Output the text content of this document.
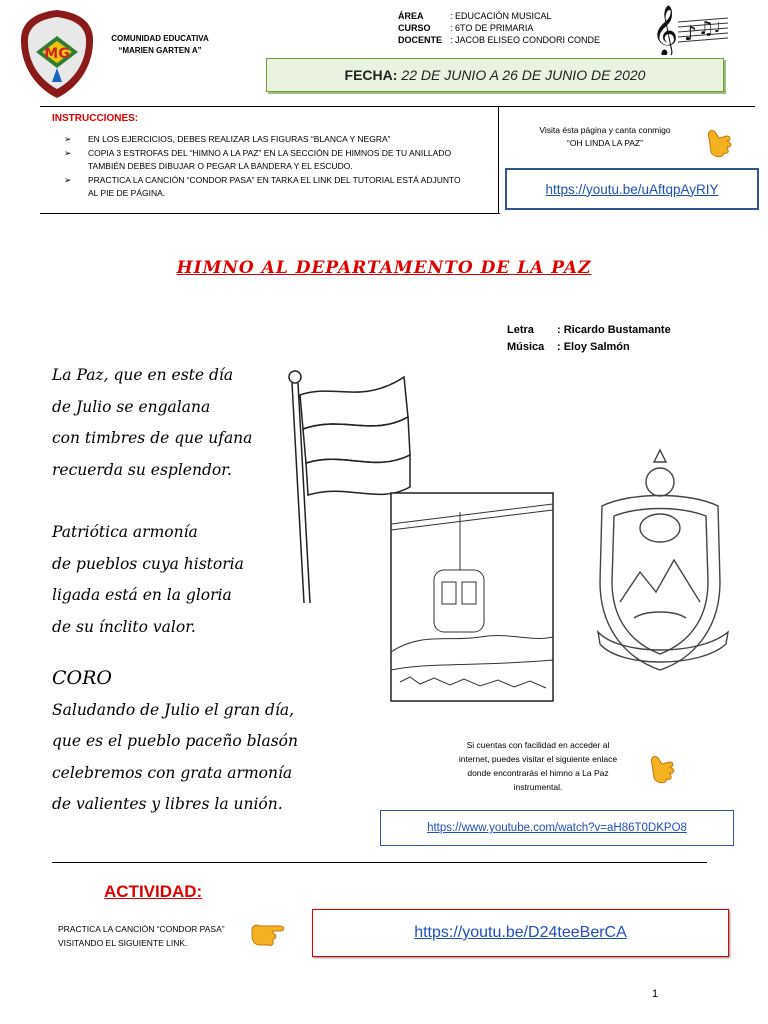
MG
COMUNIDAD EDUCATIVA
“MARIEN GARTEN A”
ÁREA	: EDUCACIÓN MUSICAL
CURSO	: 6TO DE PRIMARIA
DOCENTE : JACOB ELISEO CONDORI CONDE 𝄞 ♪ ♫ ♩
FECHA: 22 DE JUNIO A 26 DE JUNIO DE 2020
INSTRUCCIONES:
➢ EN LOS EJERCICIOS, DEBES REALIZAR LAS FIGURAS “BLANCA Y NEGRA”
➢ COPIA 3 ESTROFAS DEL “HIMNO A LA PAZ” EN LA SECCIÓN DE HIMNOS DE TU ANILLADO TAMBIÉN DEBES DIBUJAR O PEGAR LA BANDERA Y EL ESCUDO.
➢ PRACTICA LA CANCIÓN “CONDOR PASA” EN TARKA EL LINK DEL TUTORIAL ESTÁ ADJUNTO AL PIE DE PÁGINA.
Visita ésta página y canta conmigo
“OH LINDA LA PAZ”
https://youtu.be/uAftqpAyRIY
HIMNO AL DEPARTAMENTO DE LA PAZ
Letra : Ricardo Bustamante
Música : Eloy Salmón
La Paz, que en este día
de Julio se engalana
con timbres de que ufana
recuerda su esplendor.
Patriótica armonía
de pueblos cuya historia
ligada está en la gloria
de su ínclito valor.
CORO
Saludando de Julio el gran día,
que es el pueblo paceño blasón
celebremos con grata armonía
de valientes y libres la unión.
Si cuentas con facilidad en acceder al
internet, puedes visitar el siguiente enlace
donde encontrarás el himno a La Paz
instrumental.
https://www.youtube.com/watch?v=aH86T0DKPO8
ACTIVIDAD:
PRACTICA LA CANCIÓN “CONDOR PASA”
VISITANDO EL SIGUIENTE LINK.
https://youtu.be/D24teeBerCA
1
